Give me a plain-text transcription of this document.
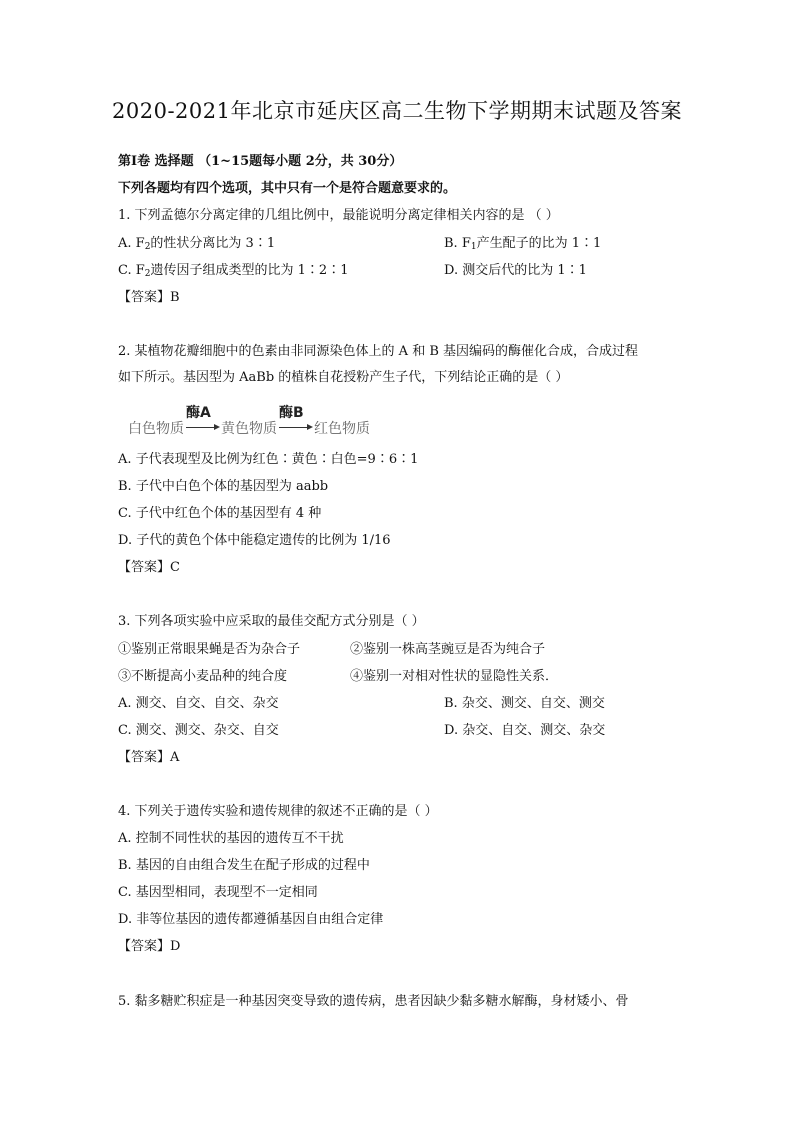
2020-2021年北京市延庆区高二生物下学期期末试题及答案
第Ⅰ卷 选择题 （1~15题每小题 2分，共 30分）
下列各题均有四个选项，其中只有一个是符合题意要求的。
1. 下列孟德尔分离定律的几组比例中，最能说明分离定律相关内容的是 （ ）
A. $F_2$的性状分离比为 3∶1	B. $F_1$产生配子的比为 1∶1
C. $F_2$遗传因子组成类型的比为 1∶2∶1	D. 测交后代的比为 1∶1
【答案】B
2. 某植物花瓣细胞中的色素由非同源染色体上的 A 和 B 基因编码的酶催化合成，合成过程
如下所示。基因型为 AaBb 的植株自花授粉产生子代，下列结论正确的是（ ）
白色物质
酶A
黄色物质
酶B
红色物质
A. 子代表现型及比例为红色∶黄色∶白色=9∶6∶1
B. 子代中白色个体的基因型为 aabb
C. 子代中红色个体的基因型有 4 种
D. 子代的黄色个体中能稳定遗传的比例为 1/16
【答案】C
3. 下列各项实验中应采取的最佳交配方式分别是（ ）
①鉴别正常眼果蝇是否为杂合子	②鉴别一株高茎豌豆是否为纯合子
③不断提高小麦品种的纯合度	④鉴别一对相对性状的显隐性关系．
A. 测交、自交、自交、杂交	B. 杂交、测交、自交、测交
C. 测交、测交、杂交、自交	D. 杂交、自交、测交、杂交
【答案】A
4. 下列关于遗传实验和遗传规律的叙述不正确的是（ ）
A. 控制不同性状的基因的遗传互不干扰
B. 基因的自由组合发生在配子形成的过程中
C. 基因型相同，表现型不一定相同
D. 非等位基因的遗传都遵循基因自由组合定律
【答案】D
5. 黏多糖贮积症是一种基因突变导致的遗传病，患者因缺少黏多糖水解酶，身材矮小、骨
